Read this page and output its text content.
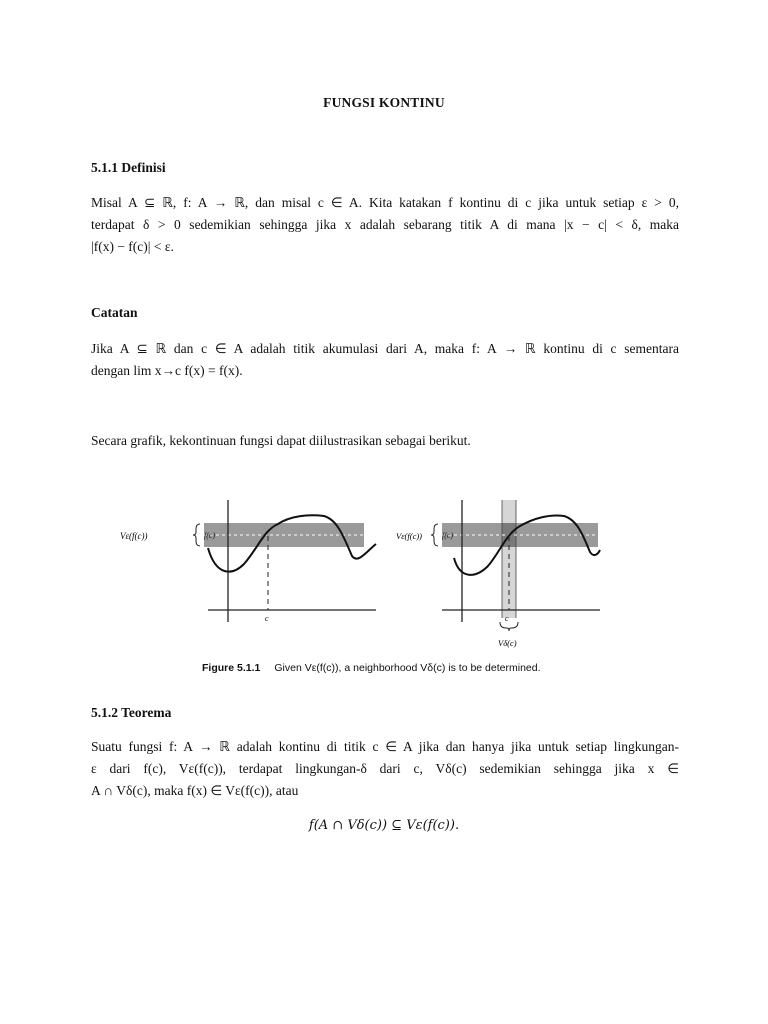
FUNGSI KONTINU
5.1.1 Definisi
Misal A ⊆ ℝ, f: A → ℝ, dan misal c ∈ A. Kita katakan f kontinu di c jika untuk setiap ε > 0,
terdapat δ > 0 sedemikian sehingga jika x adalah sebarang titik A di mana |x − c| < δ, maka
|f(x) − f(c)| < ε.
Catatan
Jika A ⊆ ℝ dan c ∈ A adalah titik akumulasi dari A, maka f: A → ℝ kontinu di c sementara
dengan lim x→c f(x) = f(x).
Secara grafik, kekontinuan fungsi dapat diilustrasikan sebagai berikut.
Vε(f(c))	f(c)
c
Vε(f(c))	f(c)
c
Vδ(c)
Figure 5.1.1 Given Vε(f(c)), a neighborhood Vδ(c) is to be determined.
5.1.2 Teorema
Suatu fungsi f: A → ℝ adalah kontinu di titik c ∈ A jika dan hanya jika untuk setiap lingkungan-
ε dari f(c), Vε(f(c)), terdapat lingkungan-δ dari c, Vδ(c) sedemikian sehingga jika x ∈
A ∩ Vδ(c), maka f(x) ∈ Vε(f(c)), atau
f(A ∩ Vδ(c)) ⊆ Vε(f(c)).
